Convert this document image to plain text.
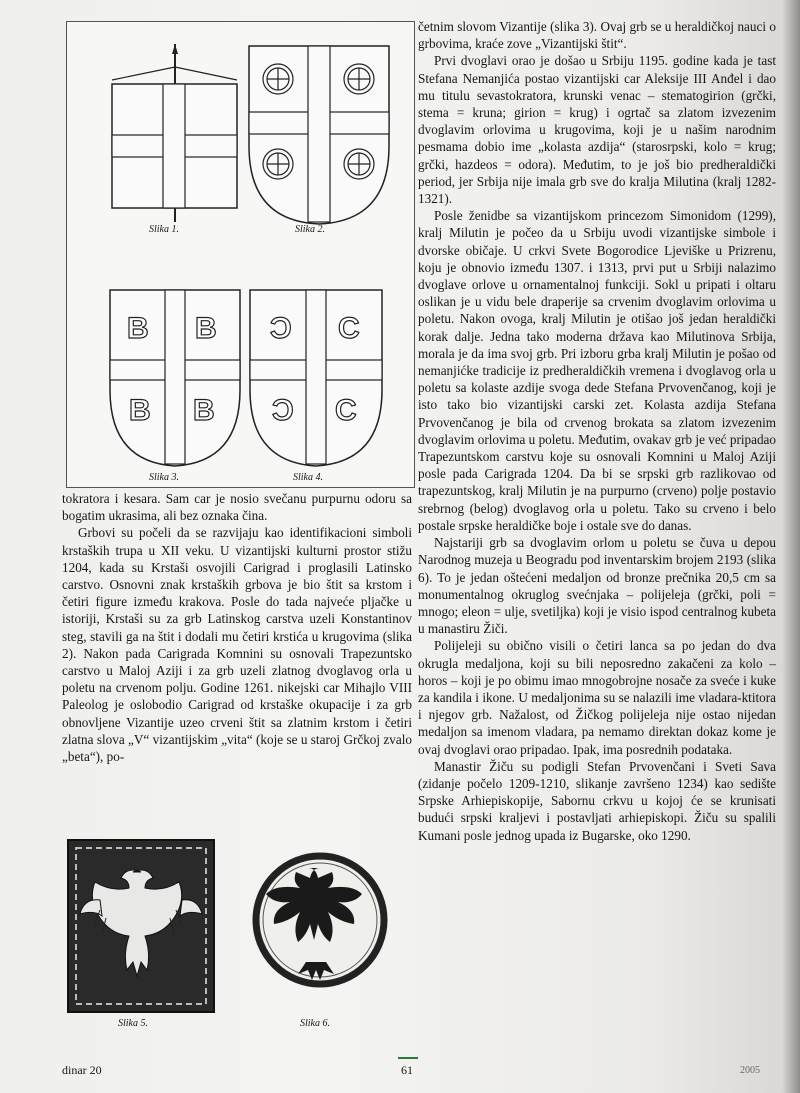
B B
B B
C C
C C
Slika 1.	Slika 2.
Slika 3.	Slika 4.

tokratora i kesara. Sam car je nosio svečanu purpurnu odoru sa bogatim ukrasima, ali bez oznaka čina.

Grbovi su počeli da se razvijaju kao identifikacioni simboli krstaških trupa u XII veku. U vizantijski kulturni prostor stižu 1204, kada su Krstaši osvojili Carigrad i proglasili Latinsko carstvo. Osnovni znak krstaških grbova je bio štit sa krstom i četiri figure između krakova. Posle do tada najveće pljačke u istoriji, Krstaši su za grb Latinskog carstva uzeli Konstantinov steg, stavili ga na štit i dodali mu četiri krstića u krugovima (slika 2). Nakon pada Carigrada Komnini su osnovali Trapezuntsko carstvo u Maloj Aziji i za grb uzeli zlatnog dvoglavog orla u poletu na crvenom polju. Godine 1261. nikejski car Mihajlo VIII Paleolog je oslobodio Carigrad od krstaške okupacije i za grb obnovljene Vizantije uzeo crveni štit sa zlatnim krstom i četiri zlatna slova „V“ vizantijskim „vita“ (koje se u staroj Grčkoj zvalo „beta“), po-

Slika 5.	Slika 6.

četnim slovom Vizantije (slika 3). Ovaj grb se u heraldičkoj nauci o grbovima, kraće zove „Vizantijski štit“.

Prvi dvoglavi orao je došao u Srbiju 1195. godine kada je tast Stefana Nemanjića postao vizantijski car Aleksije III Anđel i dao mu titulu sevastokratora, krunski venac – stematogirion (grčki, stema = kruna; girion = krug) i ogrtač sa zlatom izvezenim dvoglavim orlovima u krugovima, koji je u našim narodnim pesmama dobio ime „kolasta azdija“ (starosrpski, kolo = krug; grčki, hazdeos = odora). Međutim, to je još bio predheraldički period, jer Srbija nije imala grb sve do kralja Milutina (kralj 1282-1321).

Posle ženidbe sa vizantijskom princezom Simonidom (1299), kralj Milutin je počeo da u Srbiju uvodi vizantijske simbole i dvorske običaje. U crkvi Svete Bogorodice Ljeviške u Prizrenu, koju je obnovio između 1307. i 1313, prvi put u Srbiji nalazimo dvoglave orlove u ornamentalnoj funkciji. Sokl u pripati i oltaru oslikan je u vidu bele draperije sa crvenim dvoglavim orlovima u poletu. Nakon ovoga, kralj Milutin je otišao još jedan heraldički korak dalje. Jedna tako moderna država kao Milutinova Srbija, morala je da ima svoj grb. Pri izboru grba kralj Milutin je pošao od nemanjićke tradicije iz predheraldičkih vremena i dvoglavog orla u poletu sa kolaste azdije svoga dede Stefana Prvovenčanog, koji je isto tako bio vizantijski carski zet. Kolasta azdija Stefana Prvovenčanog je bila od crvenog brokata sa zlatom izvezenim dvoglavim orlovima u poletu. Međutim, ovakav grb je već pripadao Trapezuntskom carstvu koje su osnovali Komnini u Maloj Aziji posle pada Carigrada 1204. Da bi se srpski grb razlikovao od trapezuntskog, kralj Milutin je na purpurno (crveno) polje postavio srebrnog (belog) dvoglavog orla u poletu. Tako su crveno i belo postale srpske heraldičke boje i ostale sve do danas.

Najstariji grb sa dvoglavim orlom u poletu se čuva u depou Narodnog muzeja u Beogradu pod inventarskim brojem 2193 (slika 6). To je jedan oštećeni medaljon od bronze prečnika 20,5 cm sa monumentalnog okruglog svećnjaka – polijeleja (grčki, poli = mnogo; eleon = ulje, svetiljka) koji je visio ispod centralnog kubeta u manastiru Žiči.

Polijeleji su obično visili o četiri lanca sa po jedan do dva okrugla medaljona, koji su bili neposredno zakačeni za kolo – horos – koji je po obimu imao mnogobrojne nosače za sveće i kuke za kandila i ikone. U medaljonima su se nalazili ime vladara-ktitora i njegov grb. Nažalost, od Žičkog polijeleja nije ostao nijedan medaljon sa imenom vladara, pa nemamo direktan dokaz kome je ovaj dvoglavi orao pripadao. Ipak, ima posrednih podataka.

Manastir Žiču su podigli Stefan Prvovenčani i Sveti Sava (zidanje počelo 1209-1210, slikanje završeno 1234) kao sedište Srpske Arhiepiskopije, Sabornu crkvu u kojoj će se krunisati budući srpski kraljevi i postavljati arhiepiskopi. Žiču su spalili Kumani posle jednog upada iz Bugarske, oko 1290.

dinar 20	61	2005
